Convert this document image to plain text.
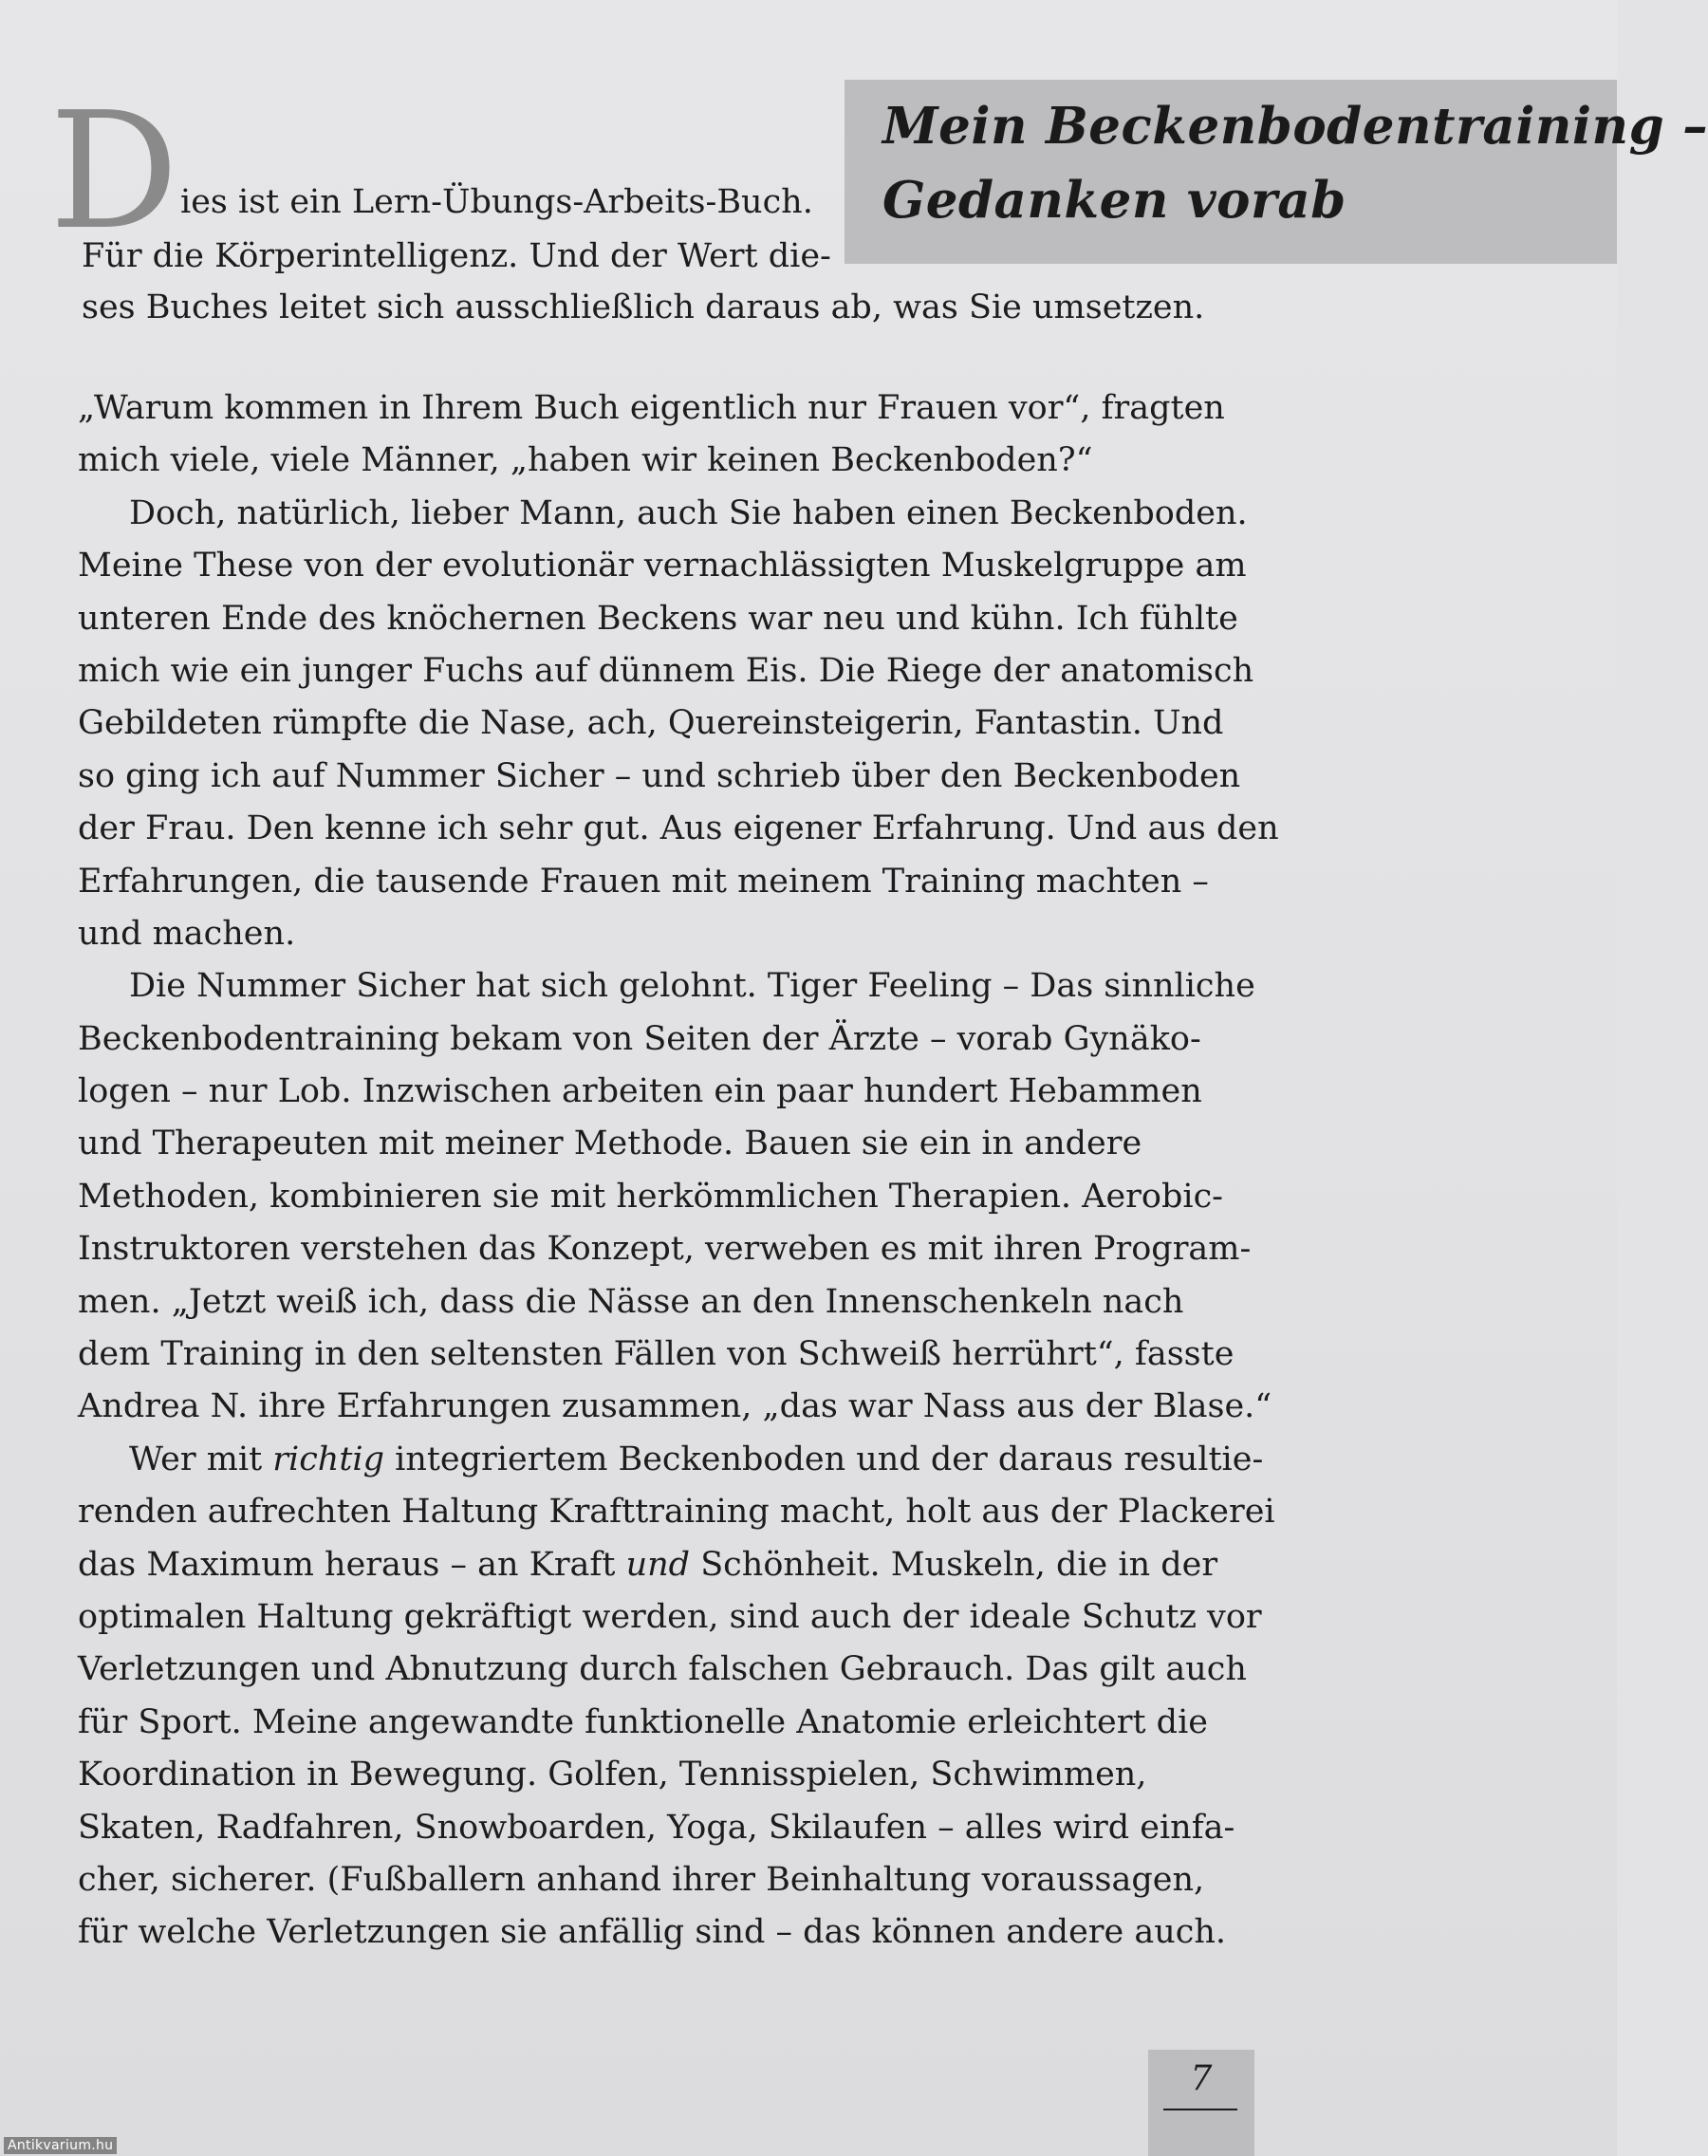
Mein Beckenbodentraining –
Gedanken vorab
D ies ist ein Lern-Übungs-Arbeits-Buch.
Für die Körperintelligenz. Und der Wert die-
ses Buches leitet sich ausschließlich daraus ab, was Sie umsetzen.
„Warum kommen in Ihrem Buch eigentlich nur Frauen vor“, fragten
mich viele, viele Männer, „haben wir keinen Beckenboden?“
Doch, natürlich, lieber Mann, auch Sie haben einen Beckenboden.
Meine These von der evolutionär vernachlässigten Muskelgruppe am
unteren Ende des knöchernen Beckens war neu und kühn. Ich fühlte
mich wie ein junger Fuchs auf dünnem Eis. Die Riege der anatomisch
Gebildeten rümpfte die Nase, ach, Quereinsteigerin, Fantastin. Und
so ging ich auf Nummer Sicher – und schrieb über den Beckenboden
der Frau. Den kenne ich sehr gut. Aus eigener Erfahrung. Und aus den
Erfahrungen, die tausende Frauen mit meinem Training machten –
und machen.
Die Nummer Sicher hat sich gelohnt. Tiger Feeling – Das sinnliche
Beckenbodentraining bekam von Seiten der Ärzte – vorab Gynäko-
logen – nur Lob. Inzwischen arbeiten ein paar hundert Hebammen
und Therapeuten mit meiner Methode. Bauen sie ein in andere
Methoden, kombinieren sie mit herkömmlichen Therapien. Aerobic-
Instruktoren verstehen das Konzept, verweben es mit ihren Program-
men. „Jetzt weiß ich, dass die Nässe an den Innenschenkeln nach
dem Training in den seltensten Fällen von Schweiß herrührt“, fasste
Andrea N. ihre Erfahrungen zusammen, „das war Nass aus der Blase.“
Wer mit richtig integriertem Beckenboden und der daraus resultie-
renden aufrechten Haltung Krafttraining macht, holt aus der Plackerei
das Maximum heraus – an Kraft und Schönheit. Muskeln, die in der
optimalen Haltung gekräftigt werden, sind auch der ideale Schutz vor
Verletzungen und Abnutzung durch falschen Gebrauch. Das gilt auch
für Sport. Meine angewandte funktionelle Anatomie erleichtert die
Koordination in Bewegung. Golfen, Tennisspielen, Schwimmen,
Skaten, Radfahren, Snowboarden, Yoga, Skilaufen – alles wird einfa-
cher, sicherer. (Fußballern anhand ihrer Beinhaltung voraussagen,
für welche Verletzungen sie anfällig sind – das können andere auch.
7
Antikvarium.hu
